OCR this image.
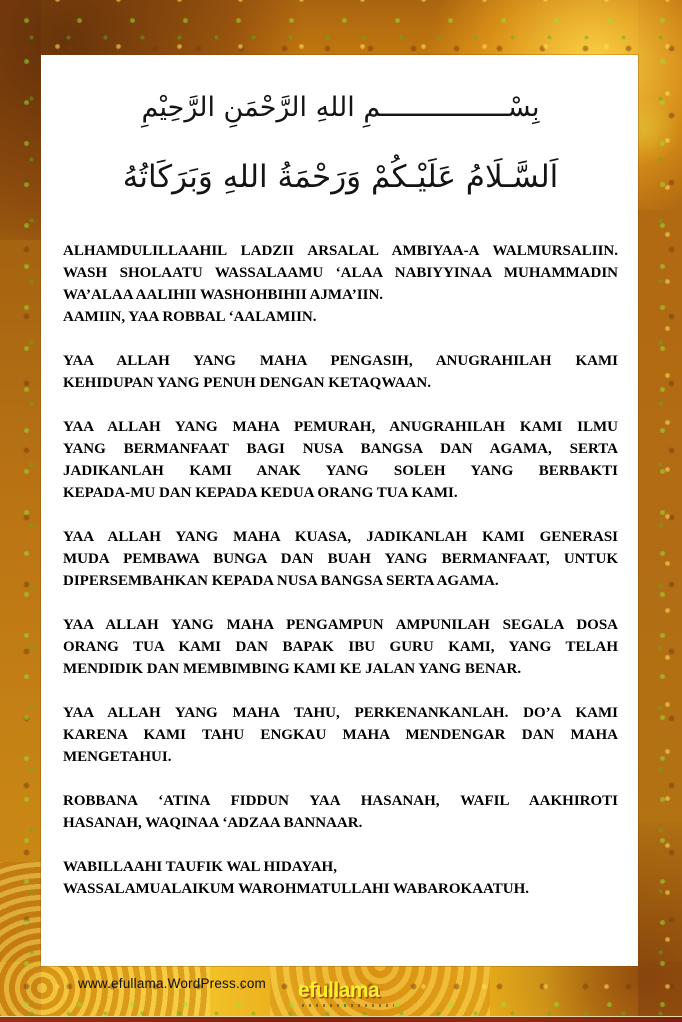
بِسْــــــــــــــــمِ اللهِ الرَّحْمَنِ الرَّحِيْمِ
اَلسَّـلَامُ عَلَيْـكُمْ وَرَحْمَةُ اللهِ وَبَرَكَاتُهُ
ALHAMDULILLAAHIL LADZII ARSALAL AMBIYAA-A WALMURSALIIN.
WASH SHOLAATU WASSALAAMU ‘ALAA NABIYYINAA MUHAMMADIN
WA’ALAA AALIHII WASHOHBIHII AJMA’IIN.
AAMIIN, YAA ROBBAL ‘AALAMIIN.
YAA ALLAH YANG MAHA PENGASIH, ANUGRAHILAH KAMI
KEHIDUPAN YANG PENUH DENGAN KETAQWAAN.
YAA ALLAH YANG MAHA PEMURAH, ANUGRAHILAH KAMI ILMU
YANG BERMANFAAT BAGI NUSA BANGSA DAN AGAMA, SERTA
JADIKANLAH KAMI ANAK YANG SOLEH YANG BERBAKTI
KEPADA-MU DAN KEPADA KEDUA ORANG TUA KAMI.
YAA ALLAH YANG MAHA KUASA, JADIKANLAH KAMI GENERASI
MUDA PEMBAWA BUNGA DAN BUAH YANG BERMANFAAT, UNTUK
DIPERSEMBAHKAN KEPADA NUSA BANGSA SERTA AGAMA.
YAA ALLAH YANG MAHA PENGAMPUN AMPUNILAH SEGALA DOSA
ORANG TUA KAMI DAN BAPAK IBU GURU KAMI, YANG TELAH
MENDIDIK DAN MEMBIMBING KAMI KE JALAN YANG BENAR.
YAA ALLAH YANG MAHA TAHU, PERKENANKANLAH. DO’A KAMI
KARENA KAMI TAHU ENGKAU MAHA MENDENGAR DAN MAHA
MENGETAHUI.
ROBBANA ‘ATINA FIDDUN YAA HASANAH, WAFIL AAKHIROTI
HASANAH, WAQINAA ‘ADZAA BANNAAR.
WABILLAAHI TAUFIK WAL HIDAYAH,
WASSALAMUALAIKUM WAROHMATULLAHI WABAROKAATUH.
www.efullama.WordPress.com efullama
